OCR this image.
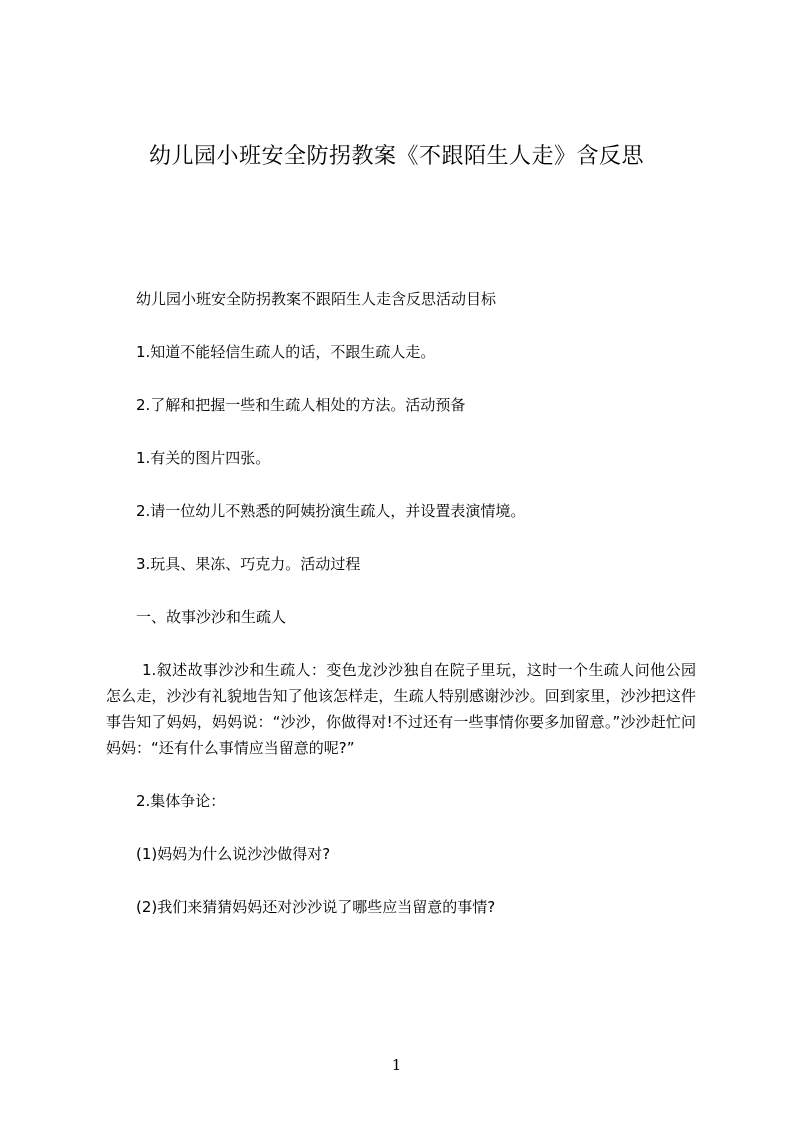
幼儿园小班安全防拐教案《不跟陌生人走》含反思

幼儿园小班安全防拐教案不跟陌生人走含反思活动目标

1.知道不能轻信生疏人的话，不跟生疏人走。

2.了解和把握一些和生疏人相处的方法。活动预备

1.有关的图片四张。

2.请一位幼儿不熟悉的阿姨扮演生疏人，并设置表演情境。

3.玩具、果冻、巧克力。活动过程

一、故事沙沙和生疏人

1.叙述故事沙沙和生疏人：变色龙沙沙独自在院子里玩，这时一个生疏人问他公园怎么走，沙沙有礼貌地告知了他该怎样走，生疏人特别感谢沙沙。回到家里，沙沙把这件事告知了妈妈，妈妈说：“沙沙，你做得对!不过还有一些事情你要多加留意。”沙沙赶忙问妈妈：“还有什么事情应当留意的呢?”

2.集体争论：

(1)妈妈为什么说沙沙做得对?

(2)我们来猜猜妈妈还对沙沙说了哪些应当留意的事情?

1
